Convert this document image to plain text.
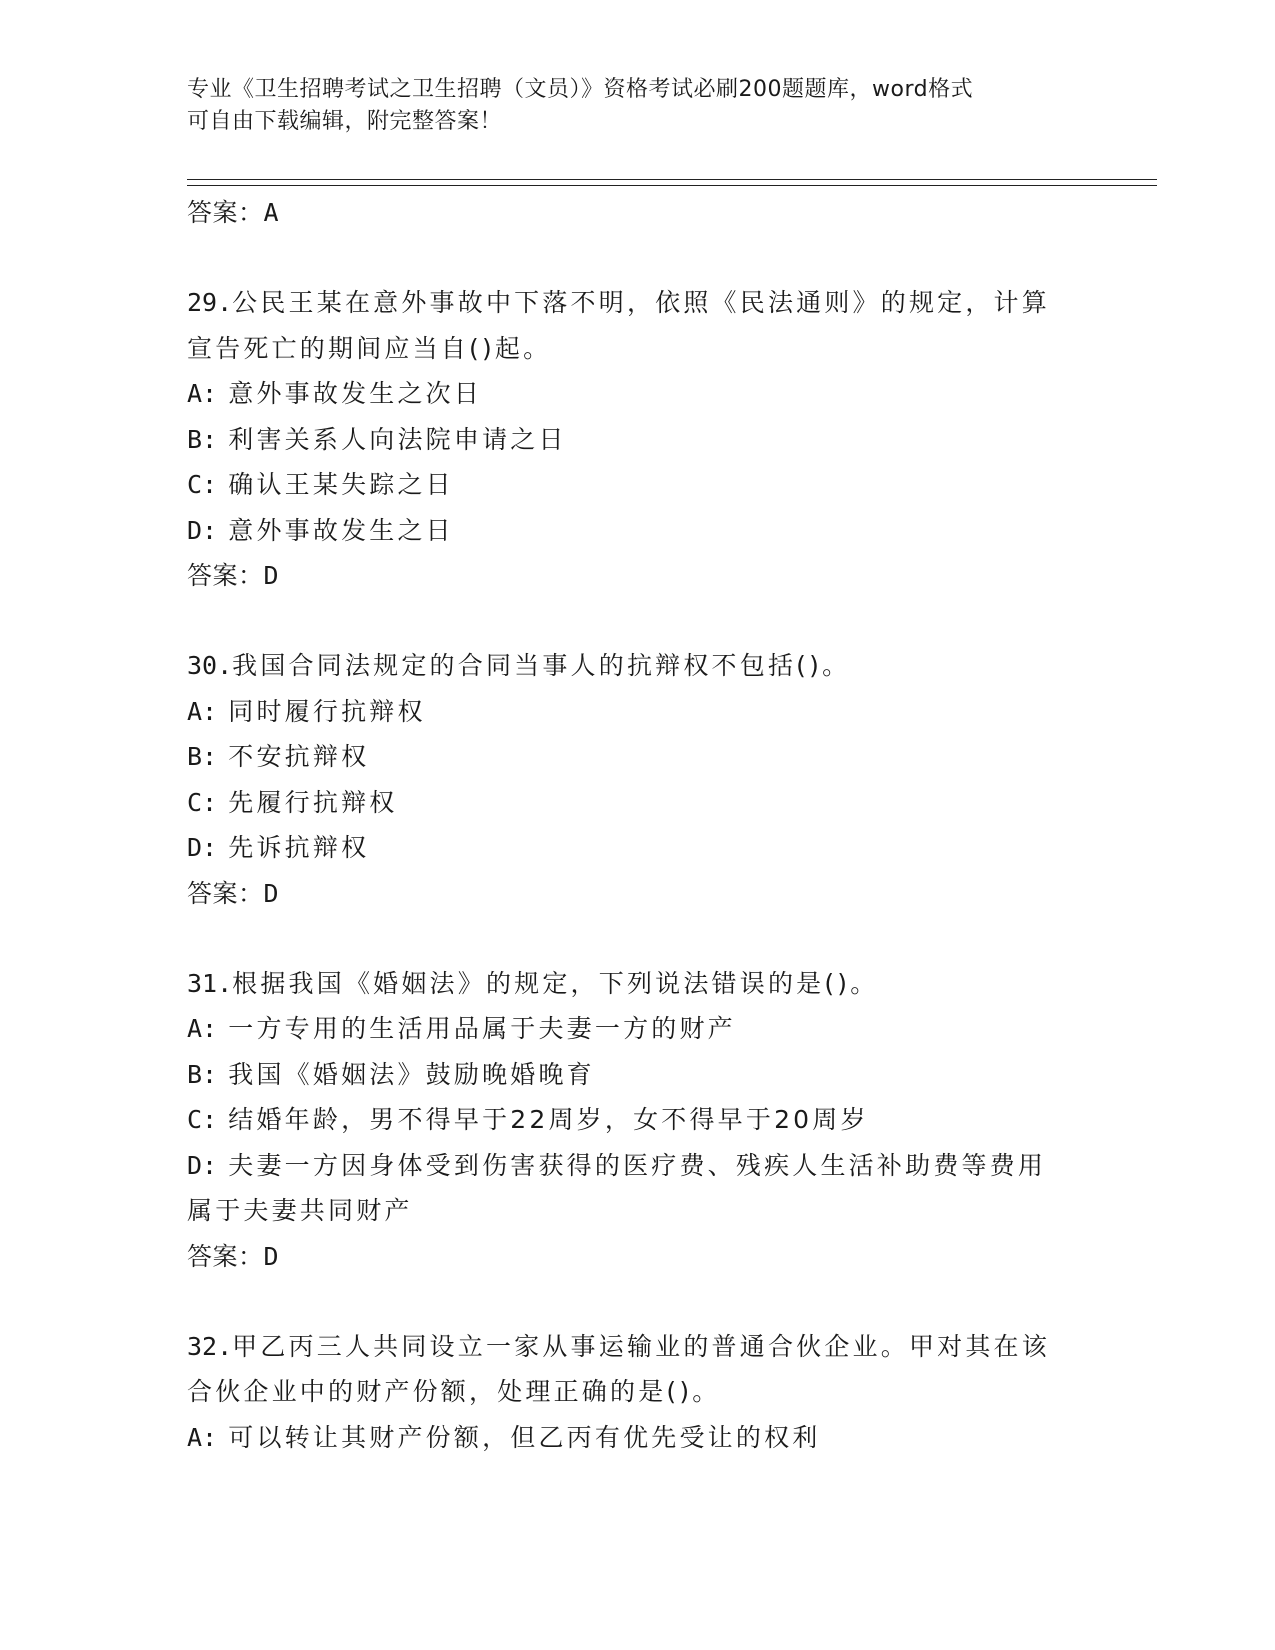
专业《卫生招聘考试之卫生招聘（文员）》资格考试必刷200题题库，word格式
可自由下载编辑，附完整答案！
答案：A
29.公民王某在意外事故中下落不明，依照《民法通则》的规定，计算
宣告死亡的期间应当自()起。
A: 意外事故发生之次日
B: 利害关系人向法院申请之日
C: 确认王某失踪之日
D: 意外事故发生之日
答案：D
30.我国合同法规定的合同当事人的抗辩权不包括()。
A: 同时履行抗辩权
B: 不安抗辩权
C: 先履行抗辩权
D: 先诉抗辩权
答案：D
31.根据我国《婚姻法》的规定，下列说法错误的是()。
A: 一方专用的生活用品属于夫妻一方的财产
B: 我国《婚姻法》鼓励晚婚晚育
C: 结婚年龄，男不得早于22周岁，女不得早于20周岁
D: 夫妻一方因身体受到伤害获得的医疗费、残疾人生活补助费等费用
属于夫妻共同财产
答案：D
32.甲乙丙三人共同设立一家从事运输业的普通合伙企业。甲对其在该
合伙企业中的财产份额，处理正确的是()。
A: 可以转让其财产份额，但乙丙有优先受让的权利
